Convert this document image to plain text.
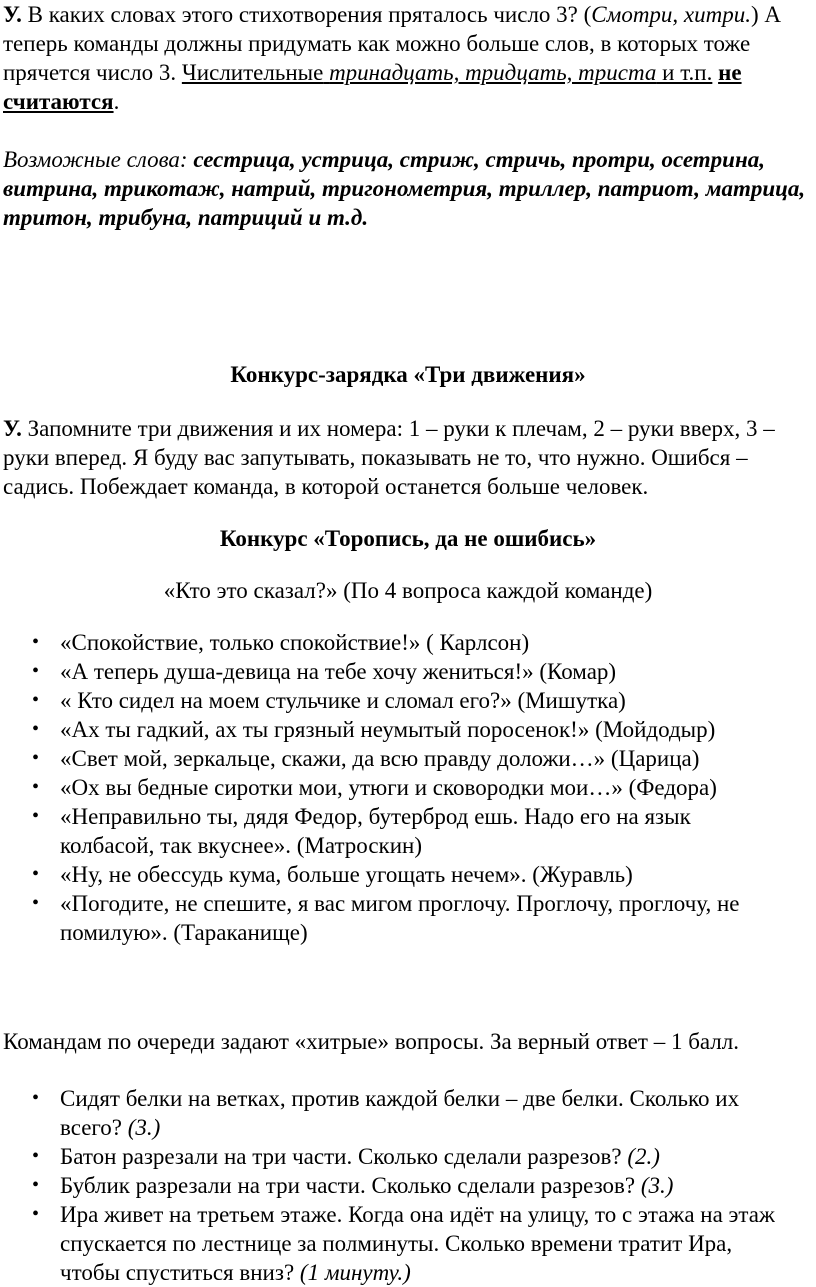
У. В каких словах этого стихотворения пряталось число 3? (Смотри, хитри.) А теперь команды должны придумать как можно больше слов, в которых тоже прячется число 3. Числительные тринадцать, тридцать, триста и т.п. не считаются.

Возможные слова: сестрица, устрица, стриж, стричь, протри, осетрина, витрина, трикотаж, натрий, тригонометрия, триллер, патриот, матрица, тритон, трибуна, патриций и т.д.

Конкурс-зарядка «Три движения»

У. Запомните три движения и их номера: 1 – руки к плечам, 2 – руки вверх, 3 – руки вперед. Я буду вас запутывать, показывать не то, что нужно. Ошибся – садись. Побеждает команда, в которой останется больше человек.

Конкурс «Торопись, да не ошибись»

«Кто это сказал?» (По 4 вопроса каждой команде)

• «Спокойствие, только спокойствие!» ( Карлсон)
• «А теперь душа-девица на тебе хочу жениться!» (Комар)
• « Кто сидел на моем стульчике и сломал его?» (Мишутка)
• «Ах ты гадкий, ах ты грязный неумытый поросенок!» (Мойдодыр)
• «Свет мой, зеркальце, скажи, да всю правду доложи…» (Царица)
• «Ох вы бедные сиротки мои, утюги и сковородки мои…» (Федора)
• «Неправильно ты, дядя Федор, бутерброд ешь. Надо его на язык колбасой, так вкуснее». (Матроскин)
• «Ну, не обессудь кума, больше угощать нечем». (Журавль)
• «Погодите, не спешите, я вас мигом проглочу. Проглочу, проглочу, не помилую». (Тараканище)

Командам по очереди задают «хитрые» вопросы. За верный ответ – 1 балл.

• Сидят белки на ветках, против каждой белки – две белки. Сколько их всего? (3.)
• Батон разрезали на три части. Сколько сделали разрезов? (2.)
• Бублик разрезали на три части. Сколько сделали разрезов? (3.)
• Ира живет на третьем этаже. Когда она идёт на улицу, то с этажа на этаж спускается по лестнице за полминуты. Сколько времени тратит Ира, чтобы спуститься вниз? (1 минуту.)
